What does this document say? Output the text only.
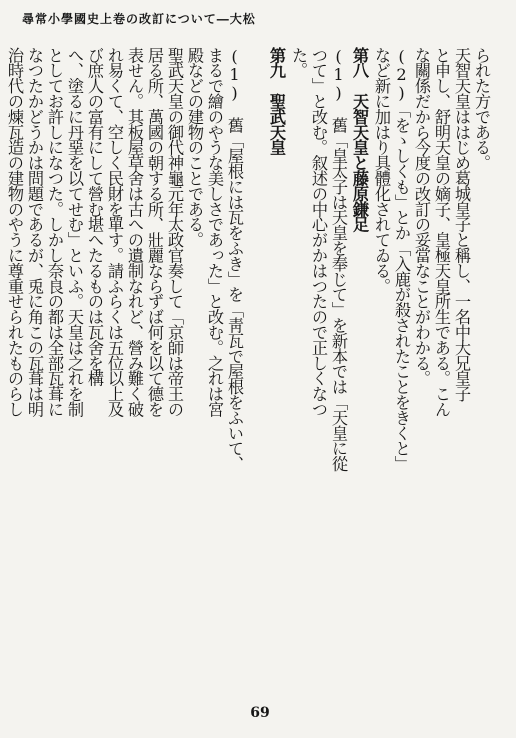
尋常小學國史上卷の改訂について―大松
られた方である。
天智天皇ははじめ葛城皇子と稱し、一名中大兄皇子
と申し、舒明天皇の嫡子、皇極天皇所生である。こん
な關係だから今度の改訂の妥當なことがわかる。
(2)「をゝしくも」とか「入鹿が殺されたことをきくと」
など新に加はり具體化されてゐる。
第八　天智天皇と藤原鎌足
(1)　舊「皇太子は天皇を奉じて」を新本では「天皇に從
つて」と改む。叙述の中心がかはつたので正しくなつ
た。
第九　聖武天皇
(1)　舊「屋根には瓦をふき」を「靑瓦で屋根をふいて、
まるで繪のやうな美しさであった」と改む。之れは宮
殿などの建物のことである。
聖武天皇の御代神龜元年太政官奏して「京師は帝王の
居る所、萬國の朝する所、壯麗ならずば何を以て德を
表せん。其板屋草舍は古への遺制なれど、營み難く破
れ易くて、空しく民財を單す。請ふらくは五位以上及
び庶人の富有にして營む堪へたるものは瓦舍を構
へ、塗るに丹堊を以てせむ」といふ。天皇は之れを制
としてお許しになつた。しかし奈良の都は全部瓦葺に
なつたかどうかは問題であるが、兎に角この瓦葺は明
治時代の煉瓦造の建物のやうに尊重せられたものらし
69
